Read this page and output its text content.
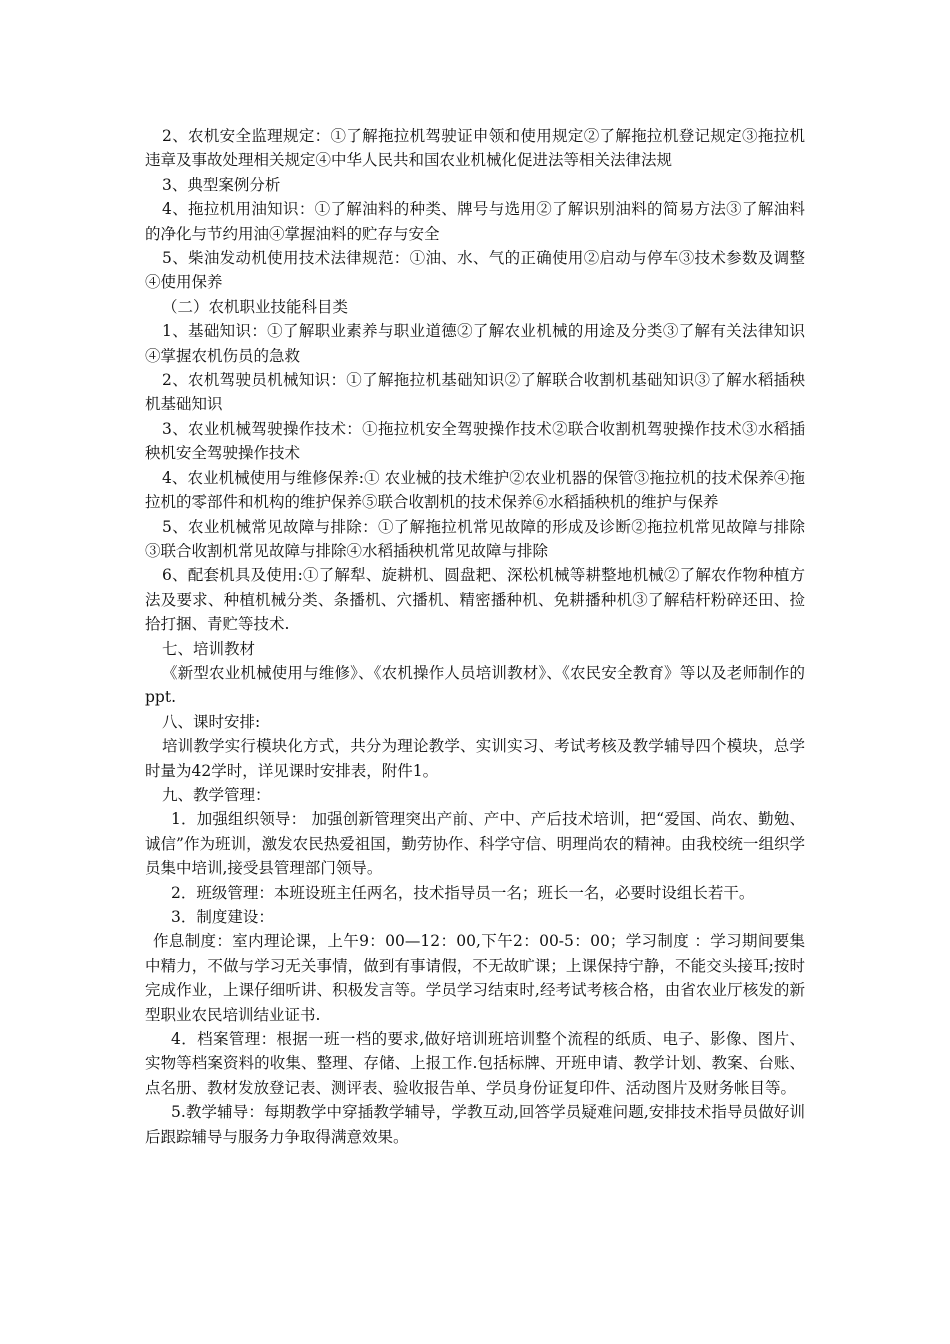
2、农机安全监理规定：①了解拖拉机驾驶证申领和使用规定②了解拖拉机登记规定③拖拉机违章及事故处理相关规定④中华人民共和国农业机械化促进法等相关法律法规

3、典型案例分析

4、拖拉机用油知识：①了解油料的种类、牌号与选用②了解识别油料的简易方法③了解油料的净化与节约用油④掌握油料的贮存与安全

5、柴油发动机使用技术法律规范：①油、水、气的正确使用②启动与停车③技术参数及调整④使用保养

（二）农机职业技能科目类

1、基础知识：①了解职业素养与职业道德②了解农业机械的用途及分类③了解有关法律知识④掌握农机伤员的急救

2、农机驾驶员机械知识：①了解拖拉机基础知识②了解联合收割机基础知识③了解水稻插秧机基础知识

3、农业机械驾驶操作技术：①拖拉机安全驾驶操作技术②联合收割机驾驶操作技术③水稻插秧机安全驾驶操作技术

4、农业机械使用与维修保养:① 农业械的技术维护②农业机器的保管③拖拉机的技术保养④拖拉机的零部件和机构的维护保养⑤联合收割机的技术保养⑥水稻插秧机的维护与保养

5、农业机械常见故障与排除：①了解拖拉机常见故障的形成及诊断②拖拉机常见故障与排除③联合收割机常见故障与排除④水稻插秧机常见故障与排除

6、配套机具及使用:①了解犁、旋耕机、圆盘耙、深松机械等耕整地机械②了解农作物种植方法及要求、种植机械分类、条播机、穴播机、精密播种机、免耕播种机③了解秸杆粉碎还田、捡拾打捆、青贮等技术.

七、培训教材

《新型农业机械使用与维修》、《农机操作人员培训教材》、《农民安全教育》等以及老师制作的ppt.

八、课时安排:

培训教学实行模块化方式，共分为理论教学、实训实习、考试考核及教学辅导四个模块，总学时量为42学时，详见课时安排表，附件1。

九、教学管理：

1．加强组织领导： 加强创新管理突出产前、产中、产后技术培训，把“爱国、尚农、勤勉、诚信”作为班训，激发农民热爱祖国，勤劳协作、科学守信、明理尚农的精神。由我校统一组织学员集中培训,接受县管理部门领导。

2．班级管理：本班设班主任两名，技术指导员一名；班长一名，必要时设组长若干。

3．制度建设：

作息制度：室内理论课，上午9：00—12：00,下午2：00-5：00；学习制度 ：学习期间要集中精力，不做与学习无关事情，做到有事请假，不无故旷课；上课保持宁静，不能交头接耳;按时完成作业，上课仔细听讲、积极发言等。学员学习结束时,经考试考核合格，由省农业厅核发的新型职业农民培训结业证书.

4．档案管理：根据一班一档的要求,做好培训班培训整个流程的纸质、电子、影像、图片、实物等档案资料的收集、整理、存储、上报工作.包括标牌、开班申请、教学计划、教案、台账、点名册、教材发放登记表、测评表、验收报告单、学员身份证复印件、活动图片及财务帐目等。

5.教学辅导：每期教学中穿插教学辅导，学教互动,回答学员疑难问题,安排技术指导员做好训后跟踪辅导与服务力争取得满意效果。
